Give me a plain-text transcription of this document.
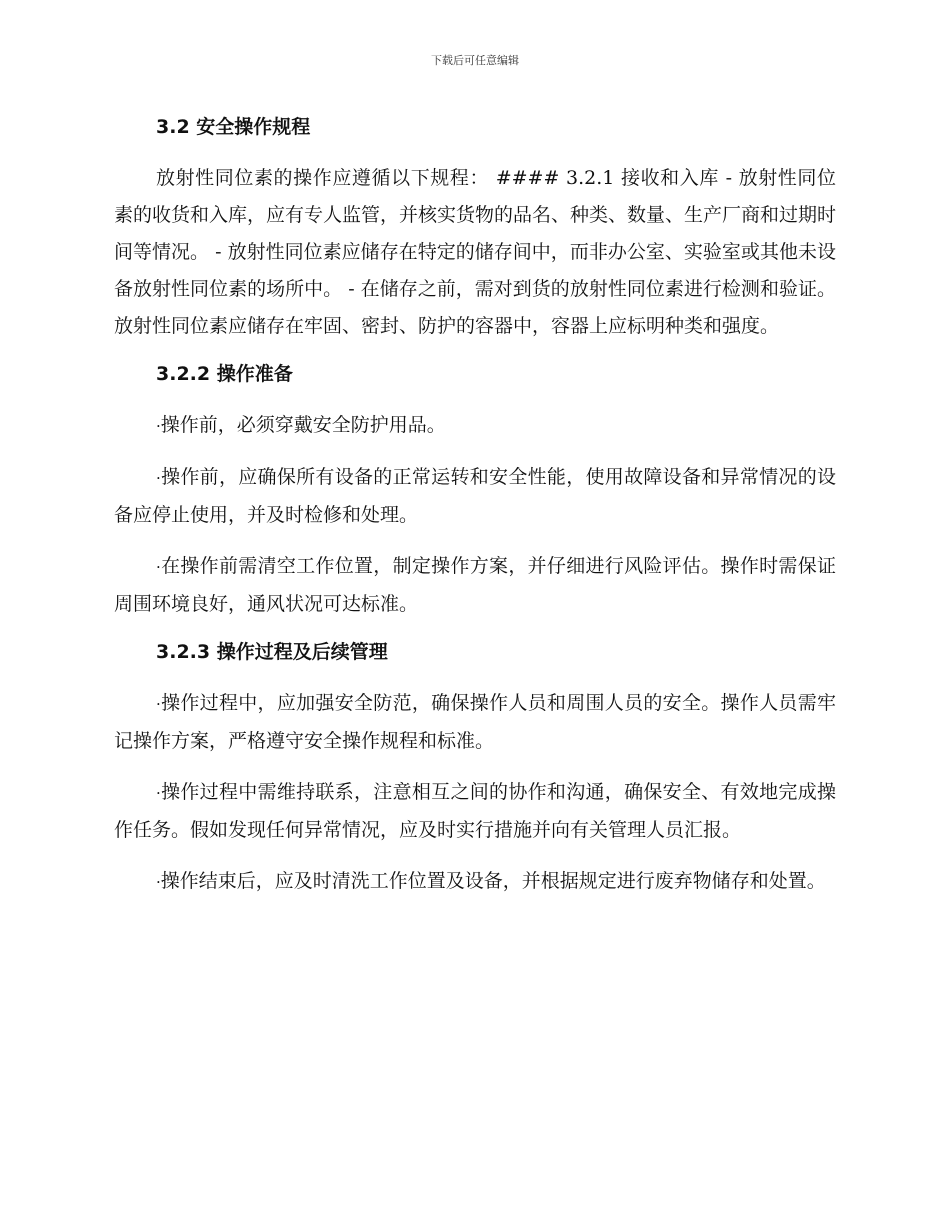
下载后可任意编辑

3.2 安全操作规程

放射性同位素的操作应遵循以下规程： #### 3.2.1 接收和入库 - 放射性同位素的收货和入库，应有专人监管，并核实货物的品名、种类、数量、生产厂商和过期时间等情况。 - 放射性同位素应储存在特定的储存间中，而非办公室、实验室或其他未设备放射性同位素的场所中。 - 在储存之前，需对到货的放射性同位素进行检测和验证。放射性同位素应储存在牢固、密封、防护的容器中，容器上应标明种类和强度。

3.2.2 操作准备

·操作前，必须穿戴安全防护用品。

·操作前，应确保所有设备的正常运转和安全性能，使用故障设备和异常情况的设备应停止使用，并及时检修和处理。

·在操作前需清空工作位置，制定操作方案，并仔细进行风险评估。操作时需保证周围环境良好，通风状况可达标准。

3.2.3 操作过程及后续管理

·操作过程中，应加强安全防范，确保操作人员和周围人员的安全。操作人员需牢记操作方案，严格遵守安全操作规程和标准。

·操作过程中需维持联系，注意相互之间的协作和沟通，确保安全、有效地完成操作任务。假如发现任何异常情况，应及时实行措施并向有关管理人员汇报。

·操作结束后，应及时清洗工作位置及设备，并根据规定进行废弃物储存和处置。
